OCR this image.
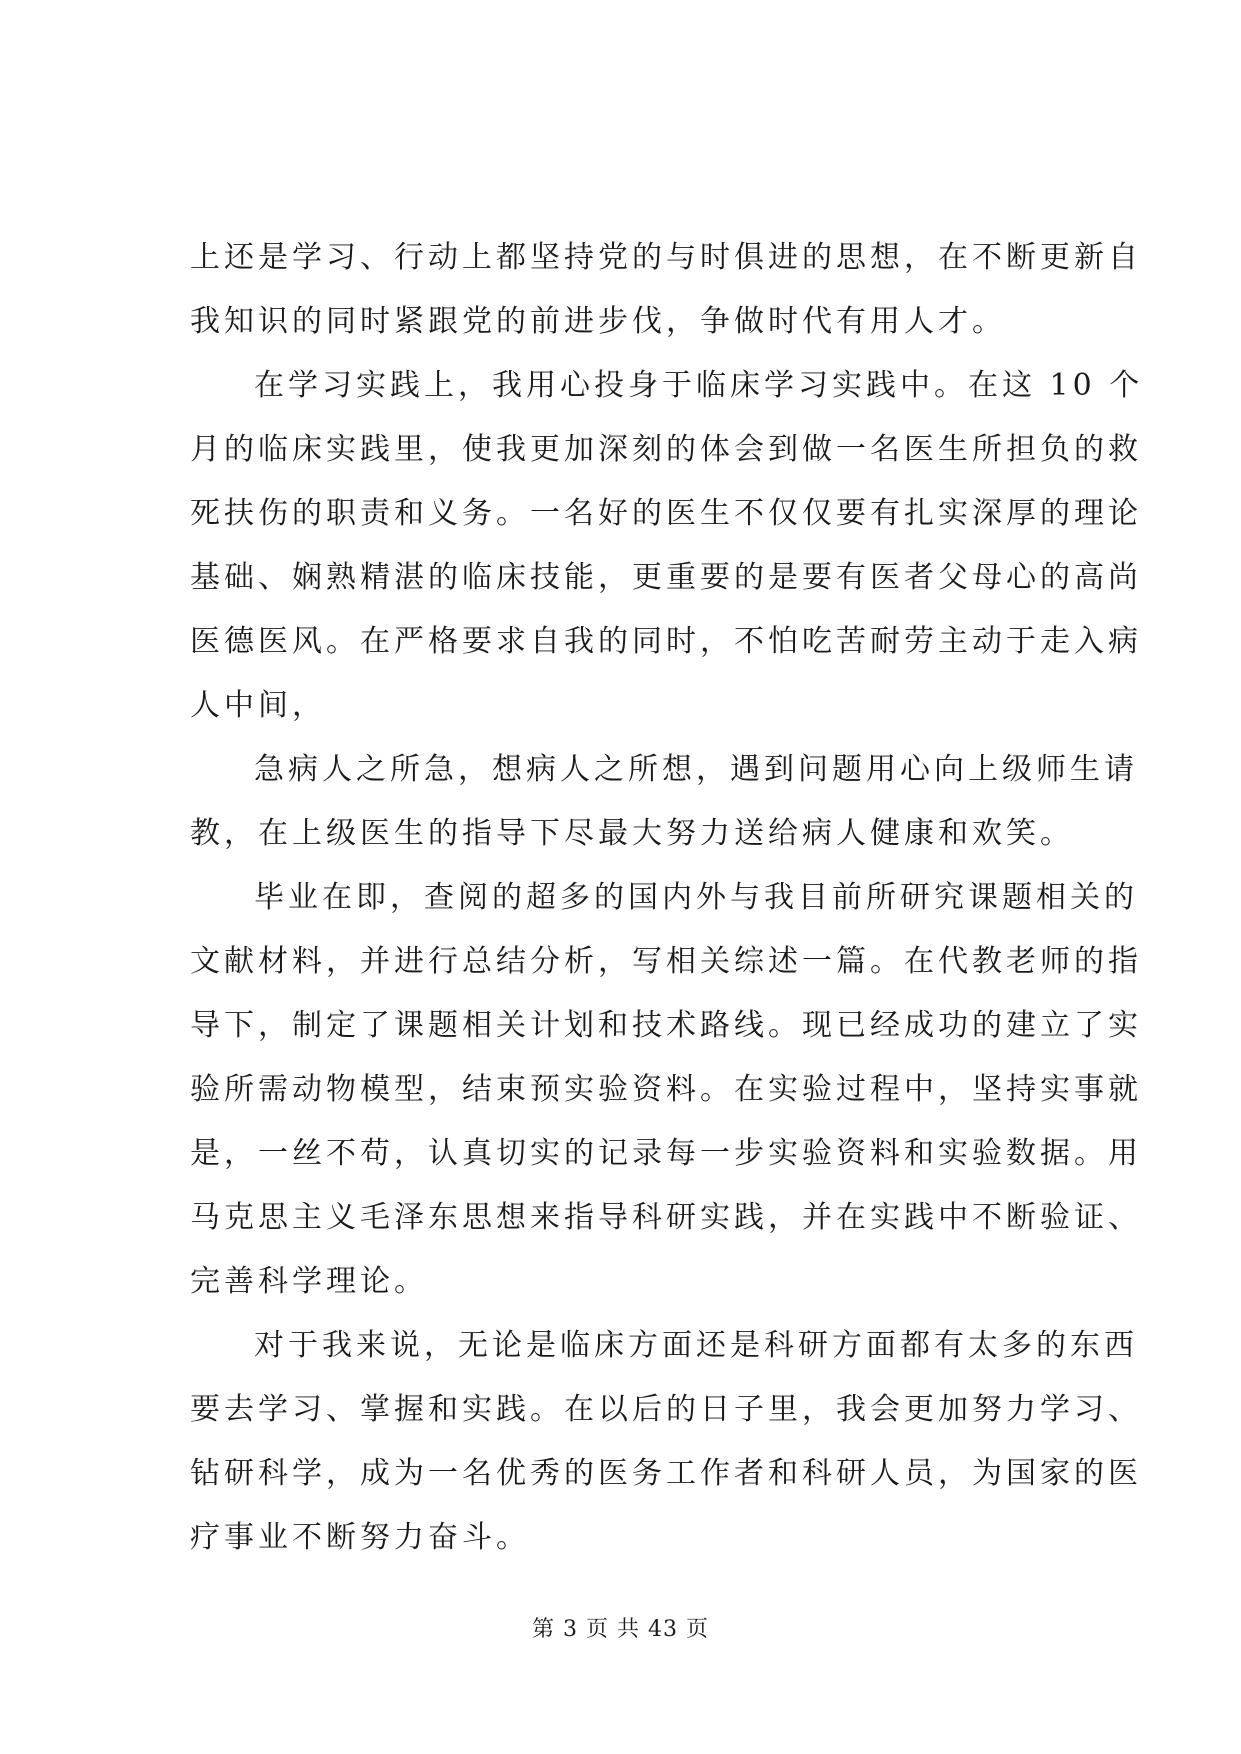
上还是学习、行动上都坚持党的与时俱进的思想，在不断更新自
我知识的同时紧跟党的前进步伐，争做时代有用人才。
在学习实践上，我用心投身于临床学习实践中。在这 10 个
月的临床实践里，使我更加深刻的体会到做一名医生所担负的救
死扶伤的职责和义务。一名好的医生不仅仅要有扎实深厚的理论
基础、娴熟精湛的临床技能，更重要的是要有医者父母心的高尚
医德医风。在严格要求自我的同时，不怕吃苦耐劳主动于走入病
人中间，
急病人之所急，想病人之所想，遇到问题用心向上级师生请
教，在上级医生的指导下尽最大努力送给病人健康和欢笑。
毕业在即，查阅的超多的国内外与我目前所研究课题相关的
文献材料，并进行总结分析，写相关综述一篇。在代教老师的指
导下，制定了课题相关计划和技术路线。现已经成功的建立了实
验所需动物模型，结束预实验资料。在实验过程中，坚持实事就
是，一丝不苟，认真切实的记录每一步实验资料和实验数据。用
马克思主义毛泽东思想来指导科研实践，并在实践中不断验证、
完善科学理论。
对于我来说，无论是临床方面还是科研方面都有太多的东西
要去学习、掌握和实践。在以后的日子里，我会更加努力学习、
钻研科学，成为一名优秀的医务工作者和科研人员，为国家的医
疗事业不断努力奋斗。
第 3 页 共 43 页
